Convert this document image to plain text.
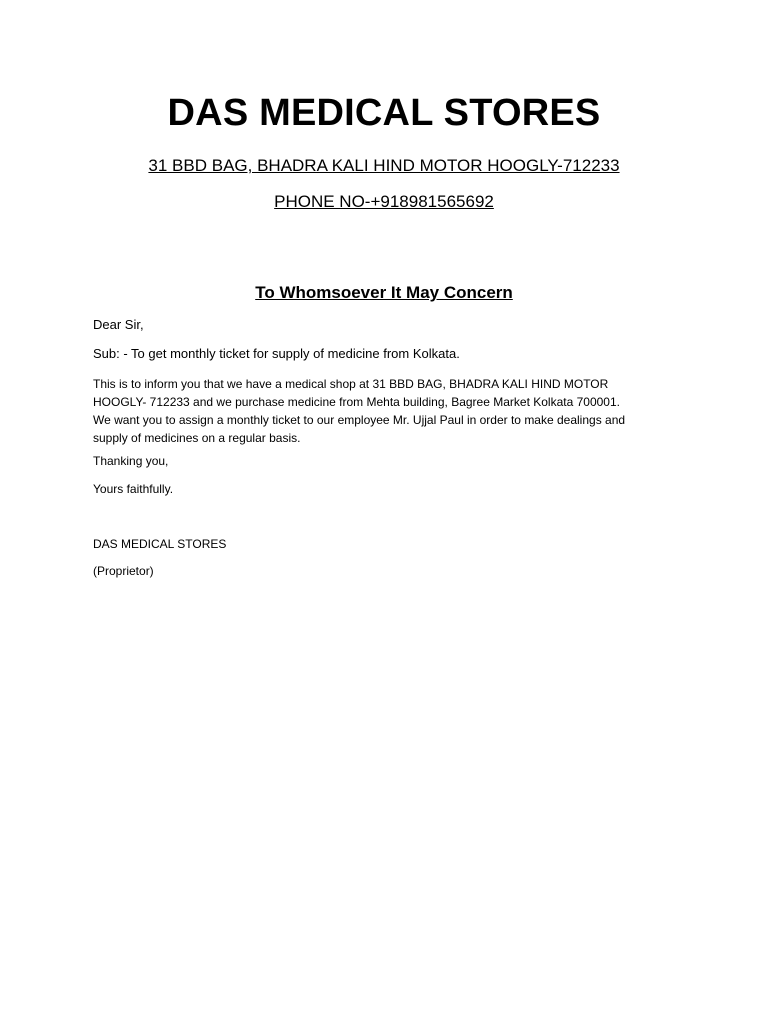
DAS MEDICAL STORES
31 BBD BAG, BHADRA KALI HIND MOTOR HOOGLY-712233
PHONE NO-+918981565692
To Whomsoever It May Concern
Dear Sir,
Sub: - To get monthly ticket for supply of medicine from Kolkata.
This is to inform you that we have a medical shop at 31 BBD BAG, BHADRA KALI HIND MOTOR
HOOGLY- 712233 and we purchase medicine from Mehta building, Bagree Market Kolkata 700001.
We want you to assign a monthly ticket to our employee Mr. Ujjal Paul in order to make dealings and
supply of medicines on a regular basis.
Thanking you,
Yours faithfully.
DAS MEDICAL STORES
(Proprietor)
